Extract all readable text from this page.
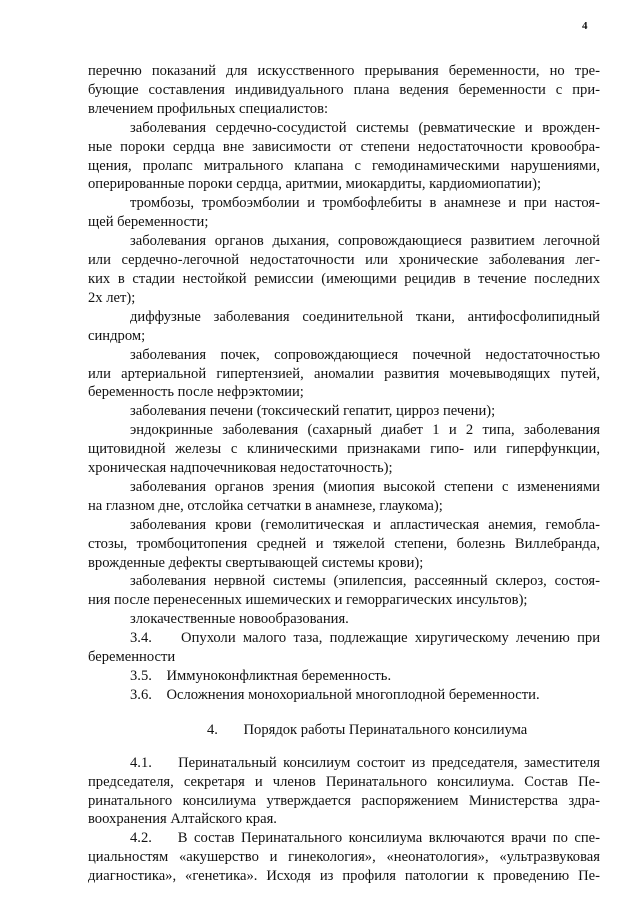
4
перечню показаний для искусственного прерывания беременности, но тре-
бующие составления индивидуального плана ведения беременности с при-
влечением профильных специалистов:
заболевания сердечно-сосудистой системы (ревматические и врожден-
ные пороки сердца вне зависимости от степени недостаточности кровообра-
щения, пролапс митрального клапана с гемодинамическими нарушениями,
оперированные пороки сердца, аритмии, миокардиты, кардиомиопатии);
тромбозы, тромбоэмболии и тромбофлебиты в анамнезе и при настоя-
щей беременности;
заболевания органов дыхания, сопровождающиеся развитием легочной
или сердечно-легочной недостаточности или хронические заболевания лег-
ких в стадии нестойкой ремиссии (имеющими рецидив в течение последних
2х лет);
диффузные заболевания соединительной ткани, антифосфолипидный
синдром;
заболевания почек, сопровождающиеся почечной недостаточностью
или артериальной гипертензией, аномалии развития мочевыводящих путей,
беременность после нефрэктомии;
заболевания печени (токсический гепатит, цирроз печени);
эндокринные заболевания (сахарный диабет 1 и 2 типа, заболевания
щитовидной железы с клиническими признаками гипо- или гиперфункции,
хроническая надпочечниковая недостаточность);
заболевания органов зрения (миопия высокой степени с изменениями
на глазном дне, отслойка сетчатки в анамнезе, глаукома);
заболевания крови (гемолитическая и апластическая анемия, гемобла-
стозы, тромбоцитопения средней и тяжелой степени, болезнь Виллебранда,
врожденные дефекты свертывающей системы крови);
заболевания нервной системы (эпилепсия, рассеянный склероз, состоя-
ния после перенесенных ишемических и геморрагических инсультов);
злокачественные новообразования.
3.4.    Опухоли малого таза, подлежащие хиругическому лечению при
беременности
3.5.    Иммуноконфликтная беременность.
3.6.    Осложнения монохориальной многоплодной беременности.
4.       Порядок работы Перинатального консилиума
4.1.    Перинатальный консилиум состоит из председателя, заместителя
председателя, секретаря и членов Перинатального консилиума. Состав Пе-
ринатального консилиума утверждается распоряжением Министерства здра-
воохранения Алтайского края.
4.2.    В состав Перинатального консилиума включаются врачи по спе-
циальностям «акушерство и гинекология», «неонатология», «ультразвуковая
диагностика», «генетика». Исходя из профиля патологии к проведению Пе-
